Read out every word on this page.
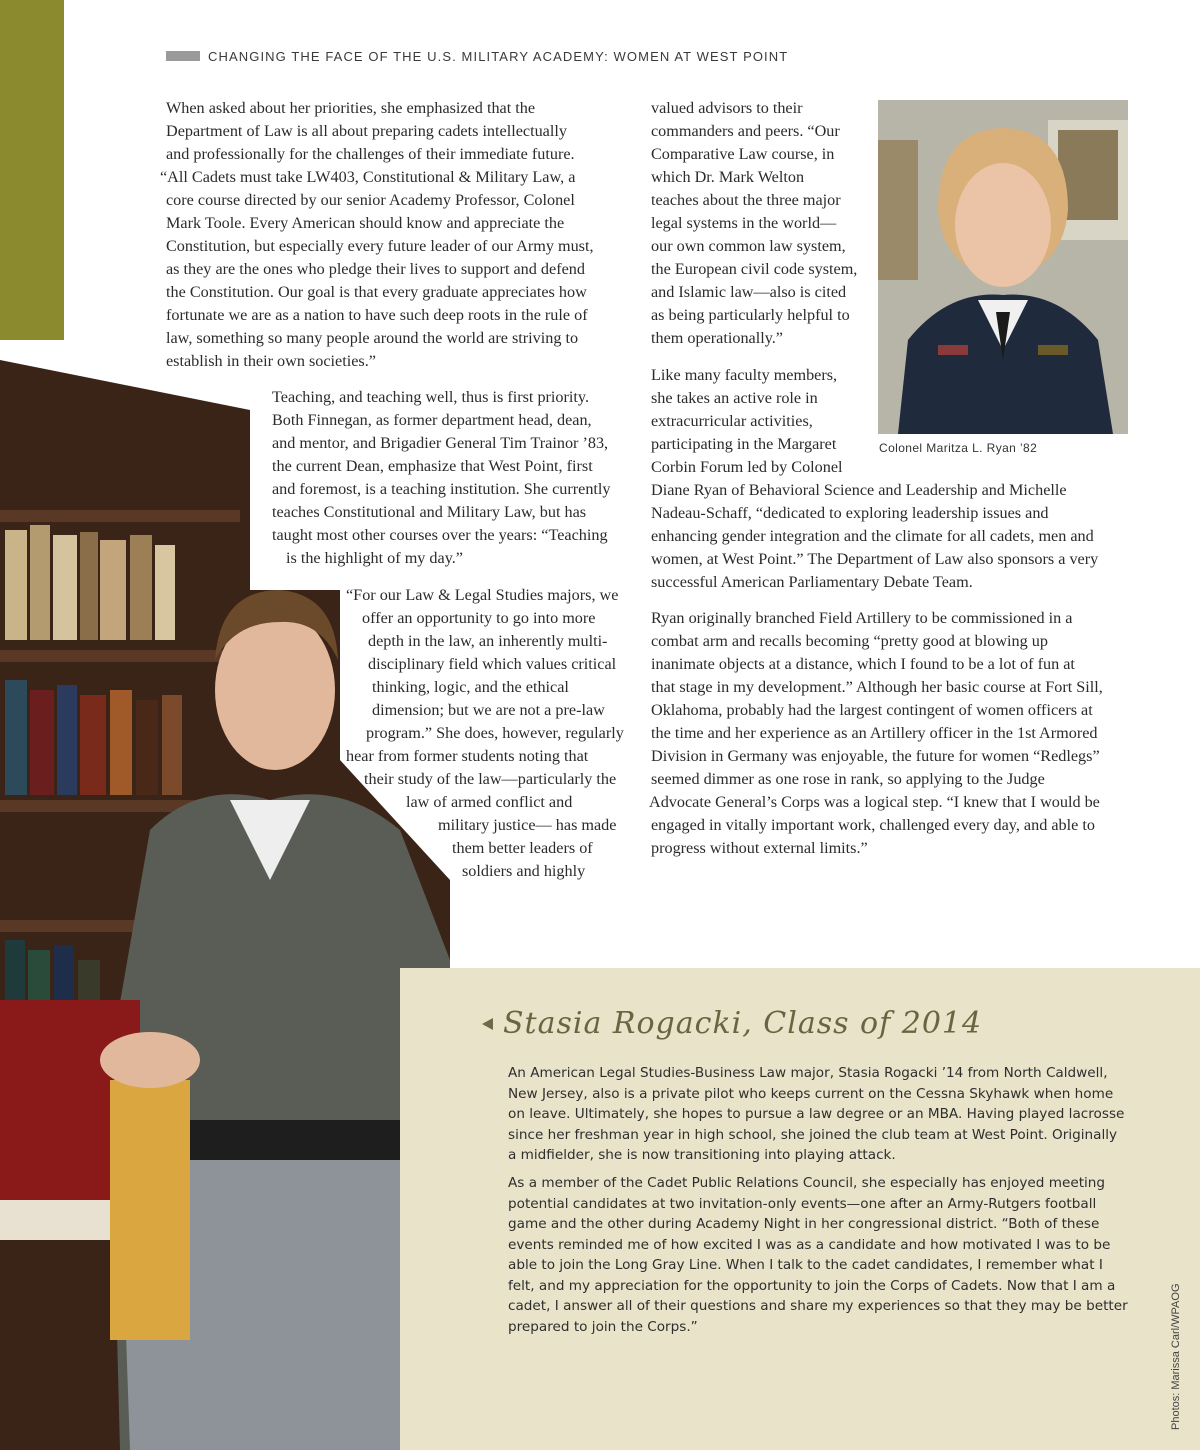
CHANGING THE FACE OF THE U.S. MILITARY ACADEMY: WOMEN AT WEST POINT
When asked about her priorities, she emphasized that the
Department of Law is all about preparing cadets intellectually
and professionally for the challenges of their immediate future.
“All Cadets must take LW403, Constitutional & Military Law, a
core course directed by our senior Academy Professor, Colonel
Mark Toole. Every American should know and appreciate the
Constitution, but especially every future leader of our Army must,
as they are the ones who pledge their lives to support and defend
the Constitution. Our goal is that every graduate appreciates how
fortunate we are as a nation to have such deep roots in the rule of
law, something so many people around the world are striving to
establish in their own societies.”
Teaching, and teaching well, thus is first priority.
Both Finnegan, as former department head, dean,
and mentor, and Brigadier General Tim Trainor ’83,
the current Dean, emphasize that West Point, first
and foremost, is a teaching institution. She currently
teaches Constitutional and Military Law, but has
taught most other courses over the years: “Teaching
is the highlight of my day.”
“For our Law & Legal Studies majors, we
offer an opportunity to go into more
depth in the law, an inherently multi-
disciplinary field which values critical
thinking, logic, and the ethical
dimension; but we are not a pre-law
program.” She does, however, regularly
hear from former students noting that
their study of the law—particularly the
law of armed conflict and
military justice— has made
them better leaders of
soldiers and highly
valued advisors to their
commanders and peers. “Our
Comparative Law course, in
which Dr. Mark Welton
teaches about the three major
legal systems in the world—
our own common law system,
the European civil code system,
and Islamic law—also is cited
as being particularly helpful to
them operationally.”
Like many faculty members,
she takes an active role in
extracurricular activities,
participating in the Margaret
Corbin Forum led by Colonel
Diane Ryan of Behavioral Science and Leadership and Michelle
Nadeau-Schaff, “dedicated to exploring leadership issues and
enhancing gender integration and the climate for all cadets, men and
women, at West Point.” The Department of Law also sponsors a very
successful American Parliamentary Debate Team.
Ryan originally branched Field Artillery to be commissioned in a
combat arm and recalls becoming “pretty good at blowing up
inanimate objects at a distance, which I found to be a lot of fun at
that stage in my development.” Although her basic course at Fort Sill,
Oklahoma, probably had the largest contingent of women officers at
the time and her experience as an Artillery officer in the 1st Armored
Division in Germany was enjoyable, the future for women “Redlegs”
seemed dimmer as one rose in rank, so applying to the Judge
Advocate General’s Corps was a logical step. “I knew that I would be
engaged in vitally important work, challenged every day, and able to
progress without external limits.”
Colonel Maritza L. Ryan ’82
Stasia Rogacki, Class of 2014
An American Legal Studies-Business Law major, Stasia Rogacki ’14 from North Caldwell,
New Jersey, also is a private pilot who keeps current on the Cessna Skyhawk when home
on leave. Ultimately, she hopes to pursue a law degree or an MBA. Having played lacrosse
since her freshman year in high school, she joined the club team at West Point. Originally
a midfielder, she is now transitioning into playing attack.
As a member of the Cadet Public Relations Council, she especially has enjoyed meeting
potential candidates at two invitation-only events—one after an Army-Rutgers football
game and the other during Academy Night in her congressional district. “Both of these
events reminded me of how excited I was as a candidate and how motivated I was to be
able to join the Long Gray Line. When I talk to the cadet candidates, I remember what I
felt, and my appreciation for the opportunity to join the Corps of Cadets. Now that I am a
cadet, I answer all of their questions and share my experiences so that they may be better
prepared to join the Corps.”	Photos: Marissa Carl/WPAOG
